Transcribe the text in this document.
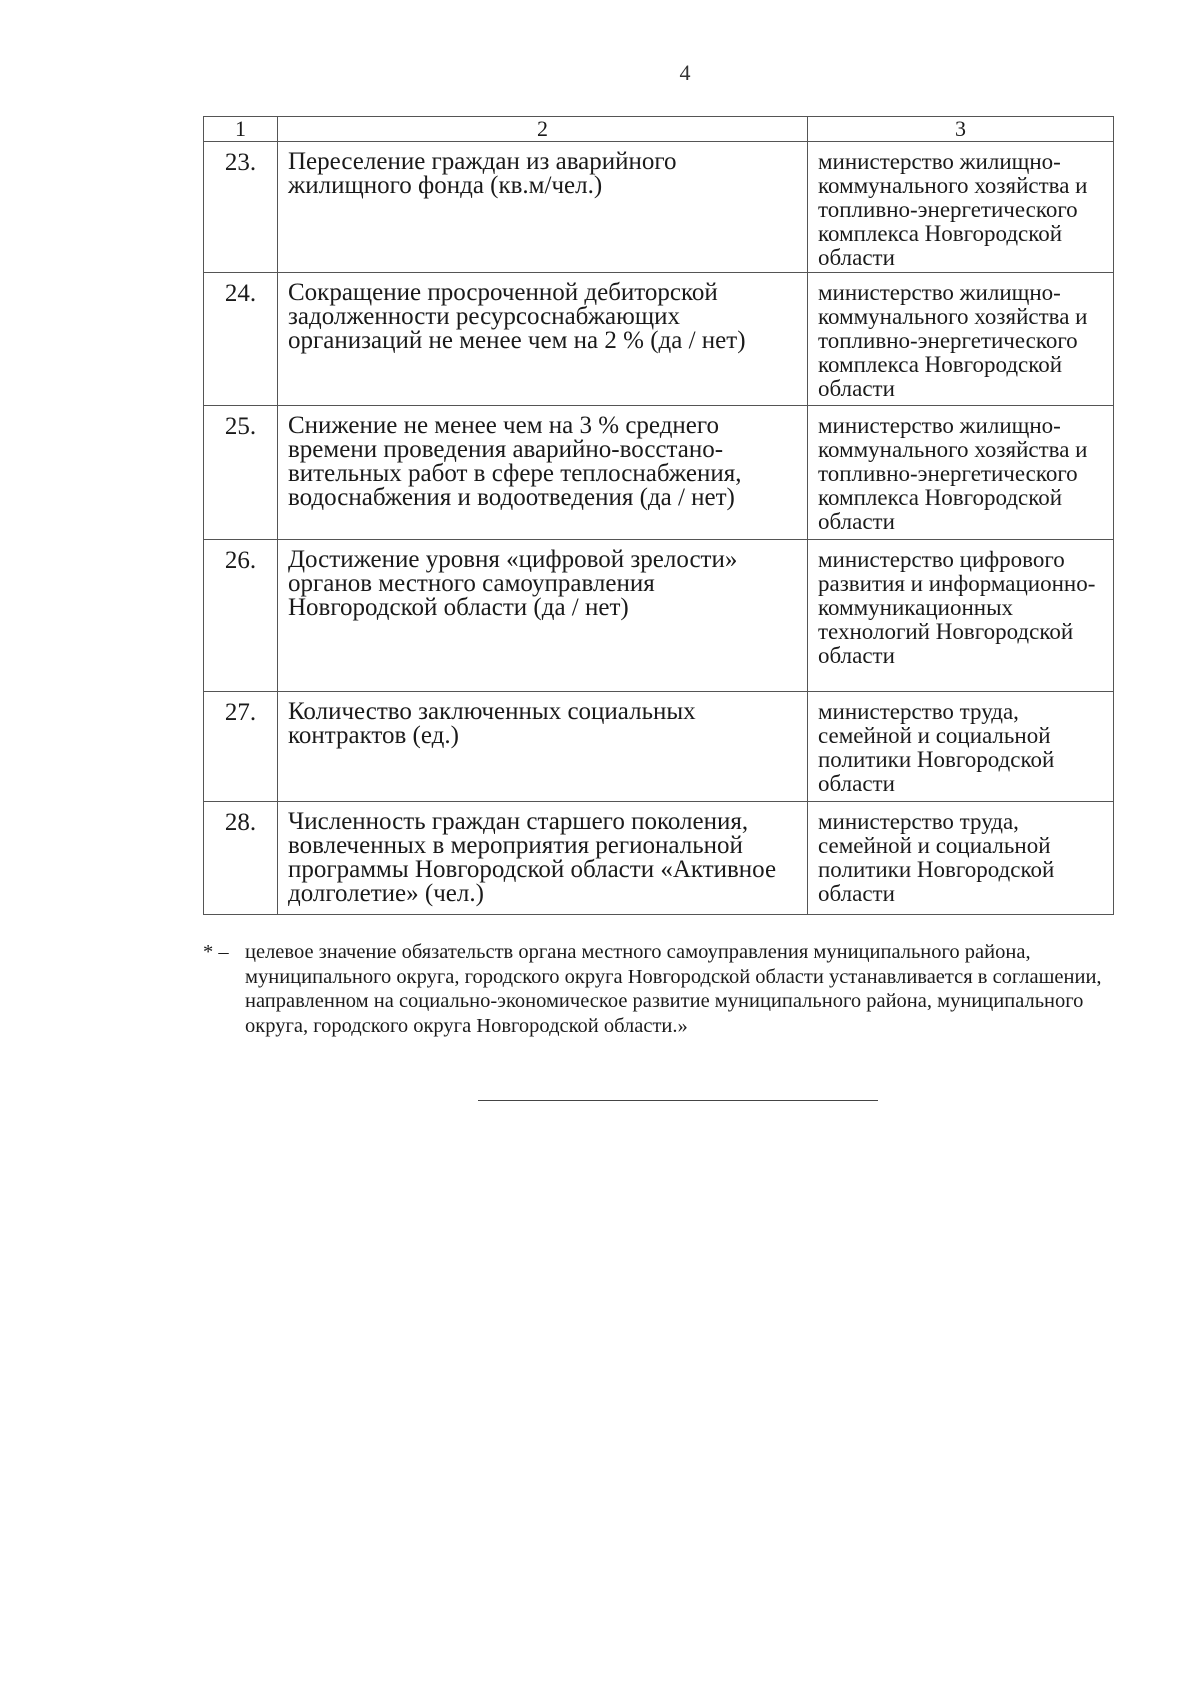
4
1	2	3
23.	Переселение граждан из аварийного жилищного фонда (кв.м/чел.)	министерство жилищно-коммунального хозяйства и топливно-энергетического комплекса Новгородской области
24.	Сокращение просроченной дебиторской задолженности ресурсоснабжающих организаций не менее чем на 2 % (да / нет)	министерство жилищно-коммунального хозяйства и топливно-энергетического комплекса Новгородской области
25.	Снижение не менее чем на 3 % среднего времени проведения аварийно-восстано-вительных работ в сфере теплоснабжения, водоснабжения и водоотведения (да / нет)	министерство жилищно-коммунального хозяйства и топливно-энергетического комплекса Новгородской области
26.	Достижение уровня «цифровой зрелости» органов местного самоуправления Новгородской области (да / нет)	министерство цифрового развития и информационно-коммуникационных технологий Новгородской области
27.	Количество заключенных социальных контрактов (ед.)	министерство труда, семейной и социальной политики Новгородской области
28.	Численность граждан старшего поколения, вовлеченных в мероприятия региональной программы Новгородской области «Активное долголетие» (чел.)	министерство труда, семейной и социальной политики Новгородской области
* – целевое значение обязательств органа местного самоуправления муниципального района, муниципального округа, городского округа Новгородской области устанавливается в соглашении, направленном на социально-экономическое развитие муниципального района, муниципального округа, городского округа Новгородской области.»
